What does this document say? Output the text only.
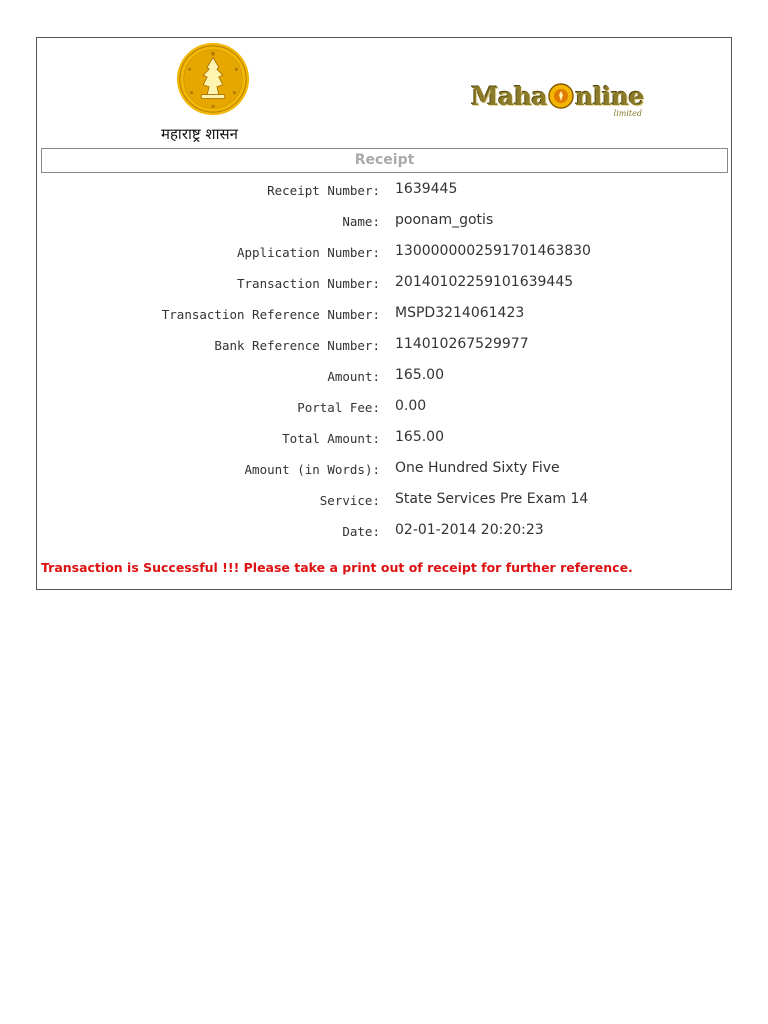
महाराष्ट्र शासन
Maha nline
limited
Receipt
Receipt Number: 1639445
Name: poonam_gotis
Application Number: 1300000002591701463830
Transaction Number: 20140102259101639445
Transaction Reference Number: MSPD3214061423
Bank Reference Number: 114010267529977
Amount: 165.00
Portal Fee: 0.00
Total Amount: 165.00
Amount (in Words): One Hundred Sixty Five
Service: State Services Pre Exam 14
Date: 02-01-2014 20:20:23
Transaction is Successful !!! Please take a print out of receipt for further reference.
